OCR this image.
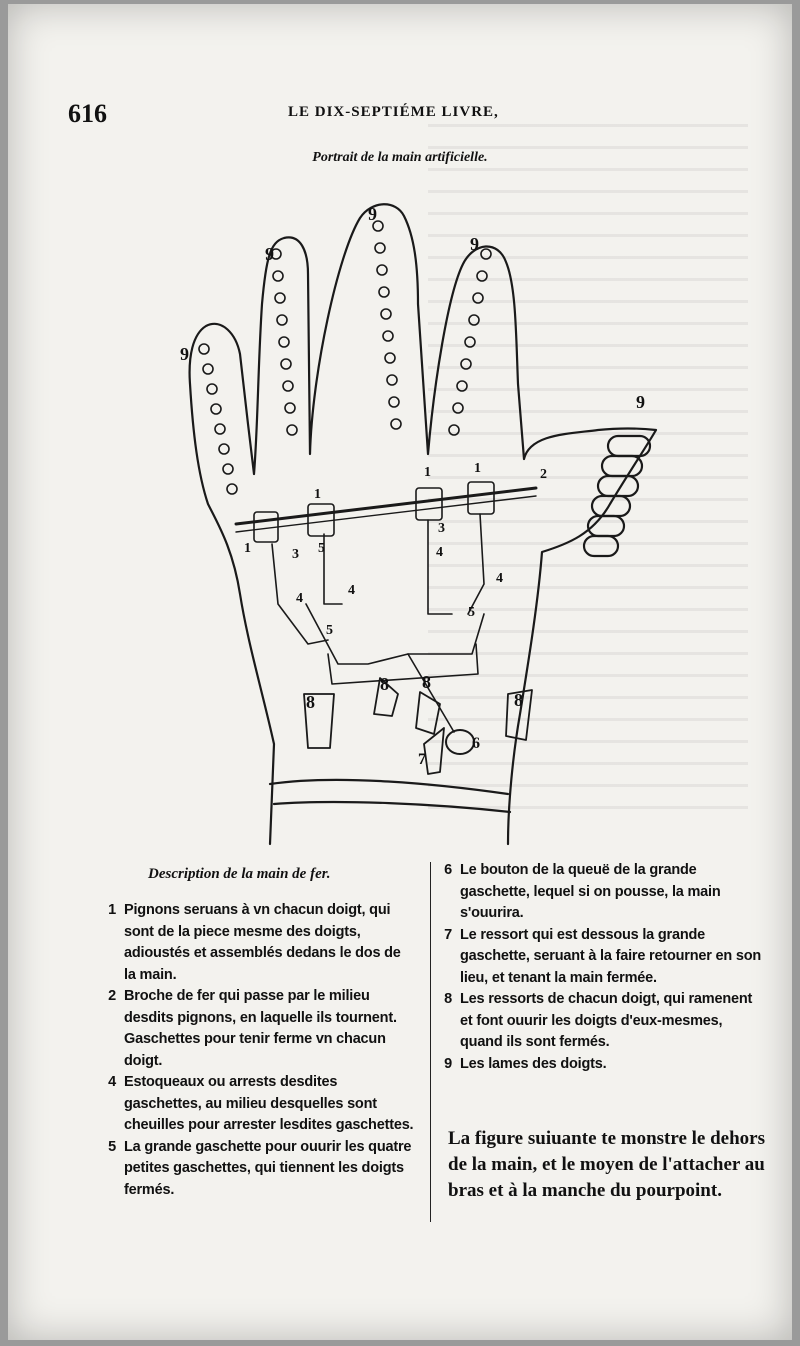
616	LE DIX-SEPTIÉME LIVRE,
Portrait de la main artificielle.
9
9
9
9
9
1
1
1	1	2
3
3
4
4
4
4
5
5
5
6
7
8
8 8
8
Description de la main de fer.
1 Pignons seruans à vn chacun doigt, qui sont de la piece mesme des doigts, adioustés et assemblés dedans le dos de la main.
2 Broche de fer qui passe par le milieu desdits pignons, en laquelle ils tournent.
Gaschettes pour tenir ferme vn chacun doigt.
4 Estoqueaux ou arrests desdites gaschettes, au milieu desquelles sont cheuilles pour arrester lesdites gaschettes.
5 La grande gaschette pour ouurir les quatre petites gaschettes, qui tiennent les doigts fermés.
6 Le bouton de la queuë de la grande gaschette, lequel si on pousse, la main s'ouurira.
7 Le ressort qui est dessous la grande gaschette, seruant à la faire retourner en son lieu, et tenant la main fermée.
8 Les ressorts de chacun doigt, qui ramenent et font ouurir les doigts d'eux-mesmes, quand ils sont fermés.
9 Les lames des doigts.
La figure suiuante te monstre le dehors de la main, et le moyen de l'attacher au bras et à la manche du pourpoint.
